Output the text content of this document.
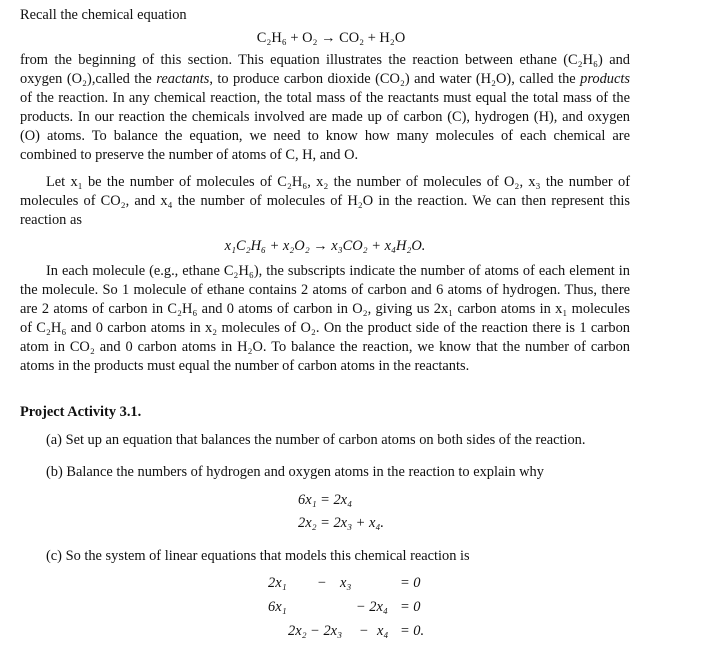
Recall the chemical equation

C₂H₆ + O₂ → CO₂ + H₂O

from the beginning of this section. This equation illustrates the reaction between ethane (C₂H₆) and oxygen (O₂),called the reactants, to produce carbon dioxide (CO₂) and water (H₂O), called the products of the reaction. In any chemical reaction, the total mass of the reactants must equal the total mass of the products. In our reaction the chemicals involved are made up of carbon (C), hydrogen (H), and oxygen (O) atoms. To balance the equation, we need to know how many molecules of each chemical are combined to preserve the number of atoms of C, H, and O.

Let x₁ be the number of molecules of C₂H₆, x₂ the number of molecules of O₂, x₃ the number of molecules of CO₂, and x₄ the number of molecules of H₂O in the reaction. We can then represent this reaction as

x₁C₂H₆ + x₂O₂ → x₃CO₂ + x₄H₂O.

In each molecule (e.g., ethane C₂H₆), the subscripts indicate the number of atoms of each element in the molecule. So 1 molecule of ethane contains 2 atoms of carbon and 6 atoms of hydrogen. Thus, there are 2 atoms of carbon in C₂H₆ and 0 atoms of carbon in O₂, giving us 2x₁ carbon atoms in x₁ molecules of C₂H₆ and 0 carbon atoms in x₂ molecules of O₂. On the product side of the reaction there is 1 carbon atom in CO₂ and 0 carbon atoms in H₂O. To balance the reaction, we know that the number of carbon atoms in the products must equal the number of carbon atoms in the reactants.

Project Activity 3.1.
(a) Set up an equation that balances the number of carbon atoms on both sides of the reaction.
(b) Balance the numbers of hydrogen and oxygen atoms in the reaction to explain why
6x₁ = 2x₄
2x₂ = 2x₃ + x₄.
(c) So the system of linear equations that models this chemical reaction is
2x₁ − x₃	= 0
6x₁	− 2x₄ = 0
2x₂ − 2x₃ − x₄ = 0.
